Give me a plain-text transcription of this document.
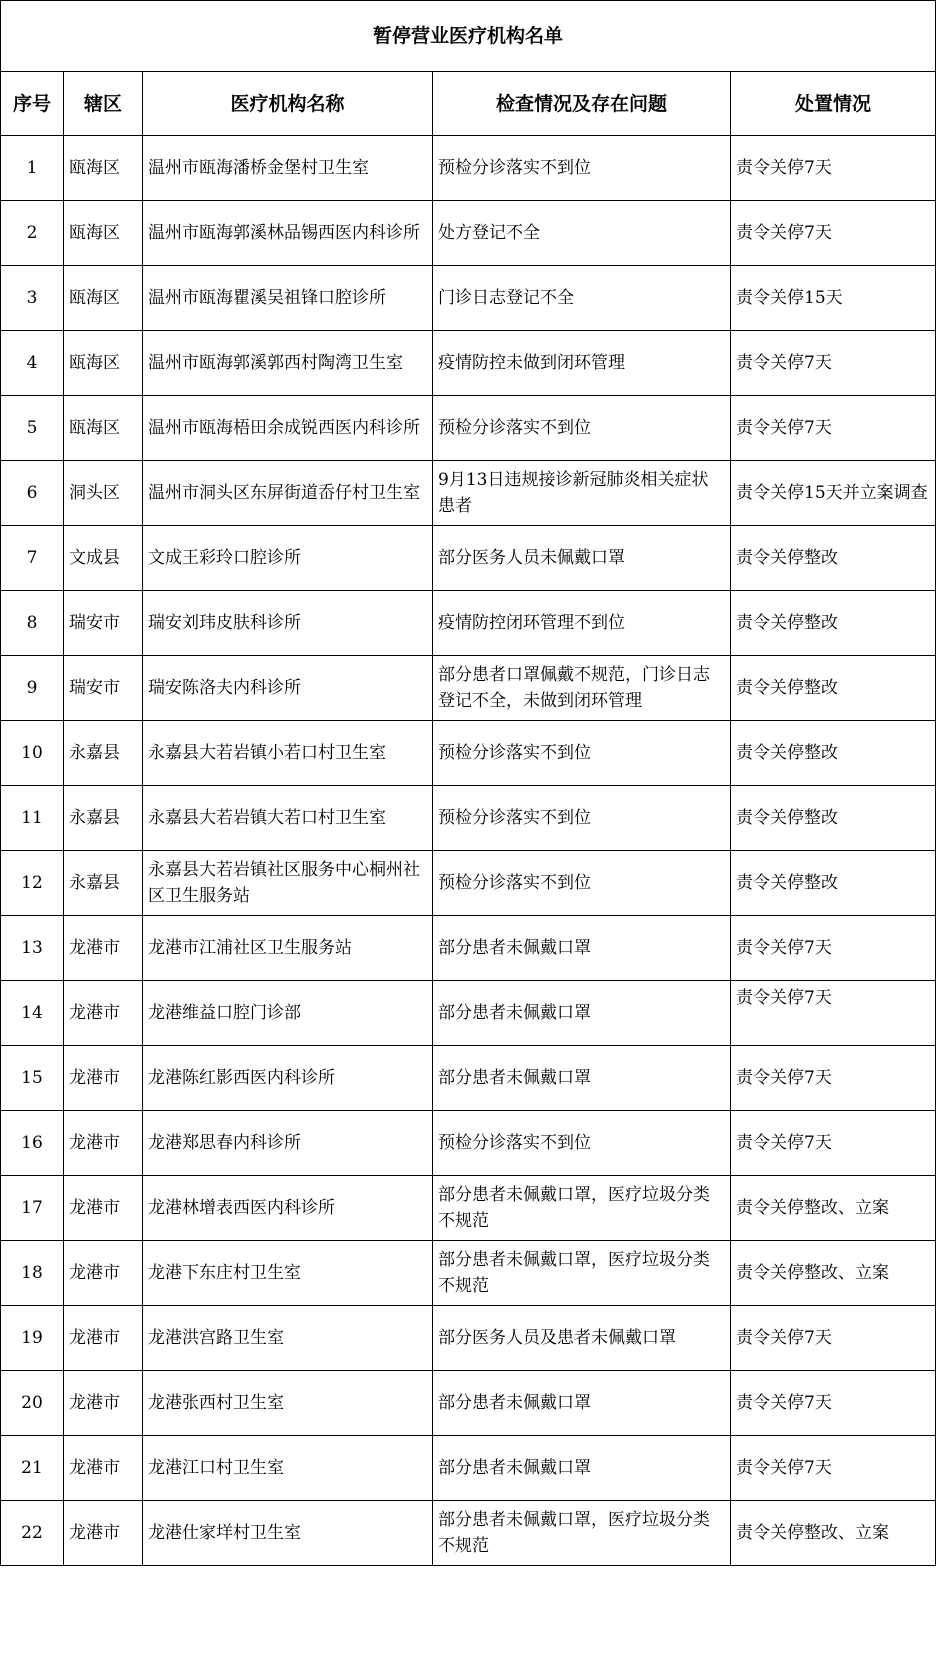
暂停营业医疗机构名单				
序号	辖区	医疗机构名称	检查情况及存在问题	处置情况
1	瓯海区	温州市瓯海潘桥金堡村卫生室	预检分诊落实不到位	责令关停7天
2	瓯海区	温州市瓯海郭溪林品锡西医内科诊所	处方登记不全	责令关停7天
3	瓯海区	温州市瓯海瞿溪吴祖锋口腔诊所	门诊日志登记不全	责令关停15天
4	瓯海区	温州市瓯海郭溪郭西村陶湾卫生室	疫情防控未做到闭环管理	责令关停7天
5	瓯海区	温州市瓯海梧田余成锐西医内科诊所	预检分诊落实不到位	责令关停7天
6	洞头区	温州市洞头区东屏街道岙仔村卫生室	9月13日违规接诊新冠肺炎相关症状患者	责令关停15天并立案调查
7	文成县	文成王彩玲口腔诊所	部分医务人员未佩戴口罩	责令关停整改
8	瑞安市	瑞安刘玮皮肤科诊所	疫情防控闭环管理不到位	责令关停整改
9	瑞安市	瑞安陈洛夫内科诊所	部分患者口罩佩戴不规范，门诊日志登记不全，未做到闭环管理	责令关停整改
10	永嘉县	永嘉县大若岩镇小若口村卫生室	预检分诊落实不到位	责令关停整改
11	永嘉县	永嘉县大若岩镇大若口村卫生室	预检分诊落实不到位	责令关停整改
12	永嘉县	永嘉县大若岩镇社区服务中心桐州社区卫生服务站	预检分诊落实不到位	责令关停整改
13	龙港市	龙港市江浦社区卫生服务站	部分患者未佩戴口罩	责令关停7天
14	龙港市	龙港维益口腔门诊部	部分患者未佩戴口罩	责令关停7天
15	龙港市	龙港陈红影西医内科诊所	部分患者未佩戴口罩	责令关停7天
16	龙港市	龙港郑思春内科诊所	预检分诊落实不到位	责令关停7天
17	龙港市	龙港林增表西医内科诊所	部分患者未佩戴口罩，医疗垃圾分类不规范	责令关停整改、立案
18	龙港市	龙港下东庄村卫生室	部分患者未佩戴口罩，医疗垃圾分类不规范	责令关停整改、立案
19	龙港市	龙港洪宫路卫生室	部分医务人员及患者未佩戴口罩	责令关停7天
20	龙港市	龙港张西村卫生室	部分患者未佩戴口罩	责令关停7天
21	龙港市	龙港江口村卫生室	部分患者未佩戴口罩	责令关停7天
22	龙港市	龙港仕家垟村卫生室	部分患者未佩戴口罩，医疗垃圾分类不规范	责令关停整改、立案
